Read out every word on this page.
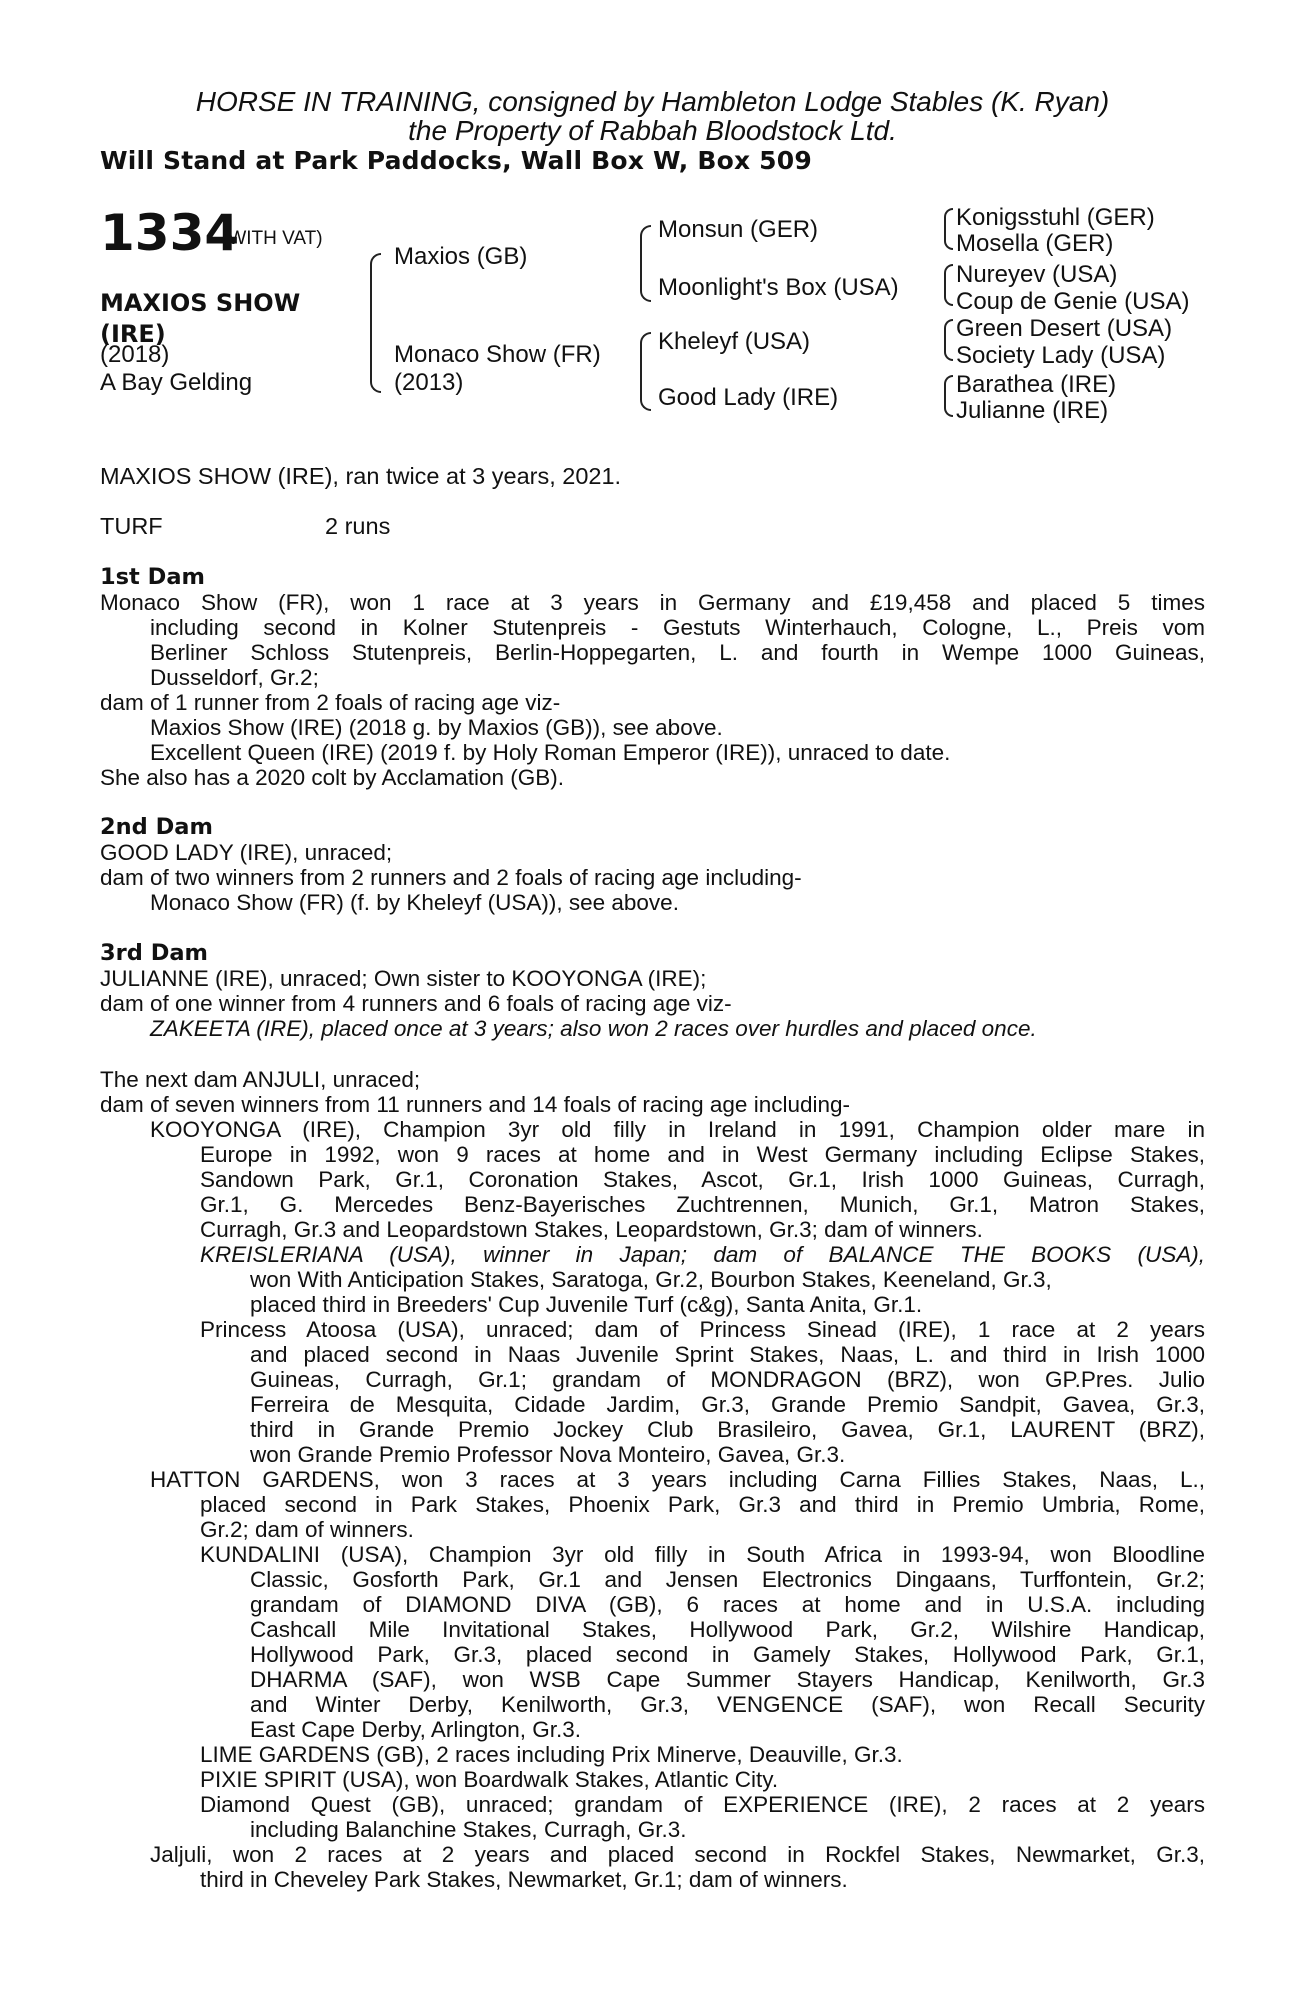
HORSE IN TRAINING, consigned by Hambleton Lodge Stables (K. Ryan)
the Property of Rabbah Bloodstock Ltd.
Will Stand at Park Paddocks, Wall Box W, Box 509
1334
(WITH VAT)
MAXIOS SHOW
(IRE)
(2018)
A Bay Gelding
Maxios (GB)
Monaco Show (FR)
(2013)
Monsun (GER)
Moonlight's Box (USA)
Kheleyf (USA)
Good Lady (IRE)
Konigsstuhl (GER)
Mosella (GER)
Nureyev (USA)
Coup de Genie (USA)
Green Desert (USA)
Society Lady (USA)
Barathea (IRE)
Julianne (IRE)
MAXIOS SHOW (IRE), ran twice at 3 years, 2021.
TURF	2 runs
1st Dam
Monaco Show (FR), won 1 race at 3 years in Germany and £19,458 and placed 5 times
including second in Kolner Stutenpreis - Gestuts Winterhauch, Cologne, L., Preis vom
Berliner Schloss Stutenpreis, Berlin-Hoppegarten, L. and fourth in Wempe 1000 Guineas,
Dusseldorf, Gr.2;
dam of 1 runner from 2 foals of racing age viz-
Maxios Show (IRE) (2018 g. by Maxios (GB)), see above.
Excellent Queen (IRE) (2019 f. by Holy Roman Emperor (IRE)), unraced to date.
She also has a 2020 colt by Acclamation (GB).
2nd Dam
GOOD LADY (IRE), unraced;
dam of two winners from 2 runners and 2 foals of racing age including-
Monaco Show (FR) (f. by Kheleyf (USA)), see above.
3rd Dam
JULIANNE (IRE), unraced; Own sister to KOOYONGA (IRE);
dam of one winner from 4 runners and 6 foals of racing age viz-
ZAKEETA (IRE), placed once at 3 years; also won 2 races over hurdles and placed once.
The next dam ANJULI, unraced;
dam of seven winners from 11 runners and 14 foals of racing age including-
KOOYONGA (IRE), Champion 3yr old filly in Ireland in 1991, Champion older mare in
Europe in 1992, won 9 races at home and in West Germany including Eclipse Stakes,
Sandown Park, Gr.1, Coronation Stakes, Ascot, Gr.1, Irish 1000 Guineas, Curragh,
Gr.1, G. Mercedes Benz-Bayerisches Zuchtrennen, Munich, Gr.1, Matron Stakes,
Curragh, Gr.3 and Leopardstown Stakes, Leopardstown, Gr.3; dam of winners.
KREISLERIANA (USA), winner in Japan; dam of BALANCE THE BOOKS (USA),
won With Anticipation Stakes, Saratoga, Gr.2, Bourbon Stakes, Keeneland, Gr.3,
placed third in Breeders' Cup Juvenile Turf (c&g), Santa Anita, Gr.1.
Princess Atoosa (USA), unraced; dam of Princess Sinead (IRE), 1 race at 2 years
and placed second in Naas Juvenile Sprint Stakes, Naas, L. and third in Irish 1000
Guineas, Curragh, Gr.1; grandam of MONDRAGON (BRZ), won GP.Pres. Julio
Ferreira de Mesquita, Cidade Jardim, Gr.3, Grande Premio Sandpit, Gavea, Gr.3,
third in Grande Premio Jockey Club Brasileiro, Gavea, Gr.1, LAURENT (BRZ),
won Grande Premio Professor Nova Monteiro, Gavea, Gr.3.
HATTON GARDENS, won 3 races at 3 years including Carna Fillies Stakes, Naas, L.,
placed second in Park Stakes, Phoenix Park, Gr.3 and third in Premio Umbria, Rome,
Gr.2; dam of winners.
KUNDALINI (USA), Champion 3yr old filly in South Africa in 1993-94, won Bloodline
Classic, Gosforth Park, Gr.1 and Jensen Electronics Dingaans, Turffontein, Gr.2;
grandam of DIAMOND DIVA (GB), 6 races at home and in U.S.A. including
Cashcall Mile Invitational Stakes, Hollywood Park, Gr.2, Wilshire Handicap,
Hollywood Park, Gr.3, placed second in Gamely Stakes, Hollywood Park, Gr.1,
DHARMA (SAF), won WSB Cape Summer Stayers Handicap, Kenilworth, Gr.3
and Winter Derby, Kenilworth, Gr.3, VENGENCE (SAF), won Recall Security
East Cape Derby, Arlington, Gr.3.
LIME GARDENS (GB), 2 races including Prix Minerve, Deauville, Gr.3.
PIXIE SPIRIT (USA), won Boardwalk Stakes, Atlantic City.
Diamond Quest (GB), unraced; grandam of EXPERIENCE (IRE), 2 races at 2 years
including Balanchine Stakes, Curragh, Gr.3.
Jaljuli, won 2 races at 2 years and placed second in Rockfel Stakes, Newmarket, Gr.3,
third in Cheveley Park Stakes, Newmarket, Gr.1; dam of winners.
